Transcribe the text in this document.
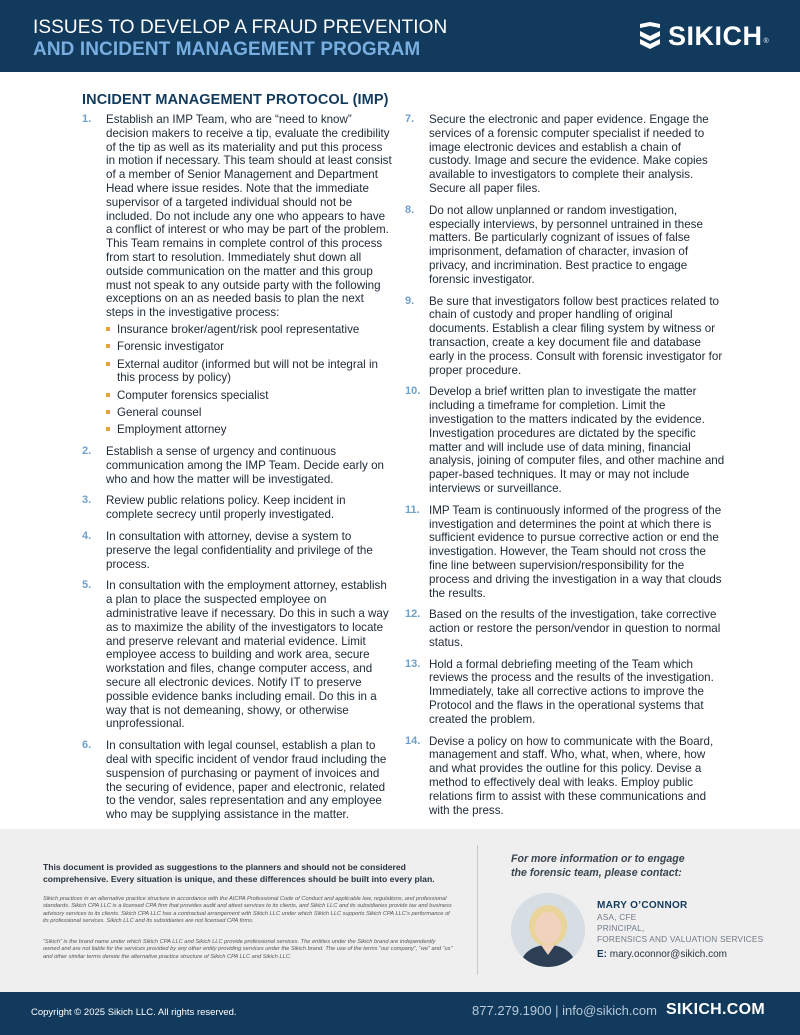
ISSUES TO DEVELOP A FRAUD PREVENTION
AND INCIDENT MANAGEMENT PROGRAM	SIKICH ®
INCIDENT MANAGEMENT PROTOCOL (IMP)
1. Establish an IMP Team, who are “need to know” decision makers to receive a tip, evaluate the credibility of the tip as well as its materiality and put this process in motion if necessary. This team should at least consist of a member of Senior Management and Department Head where issue resides. Note that the immediate supervisor of a targeted individual should not be included. Do not include any one who appears to have a conflict of interest or who may be part of the problem. This Team remains in complete control of this process from start to resolution. Immediately shut down all outside communication on the matter and this group must not speak to any outside party with the following exceptions on an as needed basis to plan the next steps in the investigative process:
Insurance broker/agent/risk pool representative
Forensic investigator
External auditor (informed but will not be integral in this process by policy)
Computer forensics specialist
General counsel
Employment attorney
2. Establish a sense of urgency and continuous communication among the IMP Team. Decide early on who and how the matter will be investigated.
3. Review public relations policy. Keep incident in complete secrecy until properly investigated.
4. In consultation with attorney, devise a system to preserve the legal confidentiality and privilege of the process.
5. In consultation with the employment attorney, establish a plan to place the suspected employee on administrative leave if necessary. Do this in such a way as to maximize the ability of the investigators to locate and preserve relevant and material evidence. Limit employee access to building and work area, secure workstation and files, change computer access, and secure all electronic devices. Notify IT to preserve possible evidence banks including email. Do this in a way that is not demeaning, showy, or otherwise unprofessional.
6. In consultation with legal counsel, establish a plan to deal with specific incident of vendor fraud including the suspension of purchasing or payment of invoices and the securing of evidence, paper and electronic, related to the vendor, sales representation and any employee who may be supplying assistance in the matter.
7. Secure the electronic and paper evidence. Engage the services of a forensic computer specialist if needed to image electronic devices and establish a chain of custody. Image and secure the evidence. Make copies available to investigators to complete their analysis. Secure all paper files.
8. Do not allow unplanned or random investigation, especially interviews, by personnel untrained in these matters. Be particularly cognizant of issues of false imprisonment, defamation of character, invasion of privacy, and incrimination. Best practice to engage forensic investigator.
9. Be sure that investigators follow best practices related to chain of custody and proper handling of original documents. Establish a clear filing system by witness or transaction, create a key document file and database early in the process. Consult with forensic investigator for proper procedure.
10. Develop a brief written plan to investigate the matter including a timeframe for completion. Limit the investigation to the matters indicated by the evidence. Investigation procedures are dictated by the specific matter and will include use of data mining, financial analysis, joining of computer files, and other machine and paper-based techniques. It may or may not include interviews or surveillance.
11. IMP Team is continuously informed of the progress of the investigation and determines the point at which there is sufficient evidence to pursue corrective action or end the investigation. However, the Team should not cross the fine line between supervision/responsibility for the process and driving the investigation in a way that clouds the results.
12. Based on the results of the investigation, take corrective action or restore the person/vendor in question to normal status.
13. Hold a formal debriefing meeting of the Team which reviews the process and the results of the investigation. Immediately, take all corrective actions to improve the Protocol and the flaws in the operational systems that created the problem.
14. Devise a policy on how to communicate with the Board, management and staff. Who, what, when, where, how and what provides the outline for this policy. Devise a method to effectively deal with leaks. Employ public relations firm to assist with these communications and with the press.
This document is provided as suggestions to the planners and should not be considered comprehensive. Every situation is unique, and these differences should be built into every plan.
Sikich practices in an alternative practice structure in accordance with the AICPA Professional Code of Conduct and applicable law, regulations, and professional standards. Sikich CPA LLC is a licensed CPA firm that provides audit and attest services to its clients, and Sikich LLC and its subsidiaries provide tax and business advisory services to its clients. Sikich CPA LLC has a contractual arrangement with Sikich LLC under which Sikich LLC supports Sikich CPA LLC’s performance of its professional services. Sikich LLC and its subsidiaries are not licensed CPA firms.
“Sikich” is the brand name under which Sikich CPA LLC and Sikich LLC provide professional services. The entities under the Sikich brand are independently owned and are not liable for the services provided by any other entity providing services under the Sikich brand. The use of the terms “our company”, “we” and “us” and other similar terms denote the alternative practice structure of Sikich CPA LLC and Sikich LLC.
For more information or to engage
the forensic team, please contact:
MARY O’CONNOR
ASA, CFE
PRINCIPAL,
FORENSICS AND VALUATION SERVICES
E: mary.oconnor@sikich.com
Copyright © 2025 Sikich LLC. All rights reserved.	877.279.1900 | info@sikich.com SIKICH.COM
